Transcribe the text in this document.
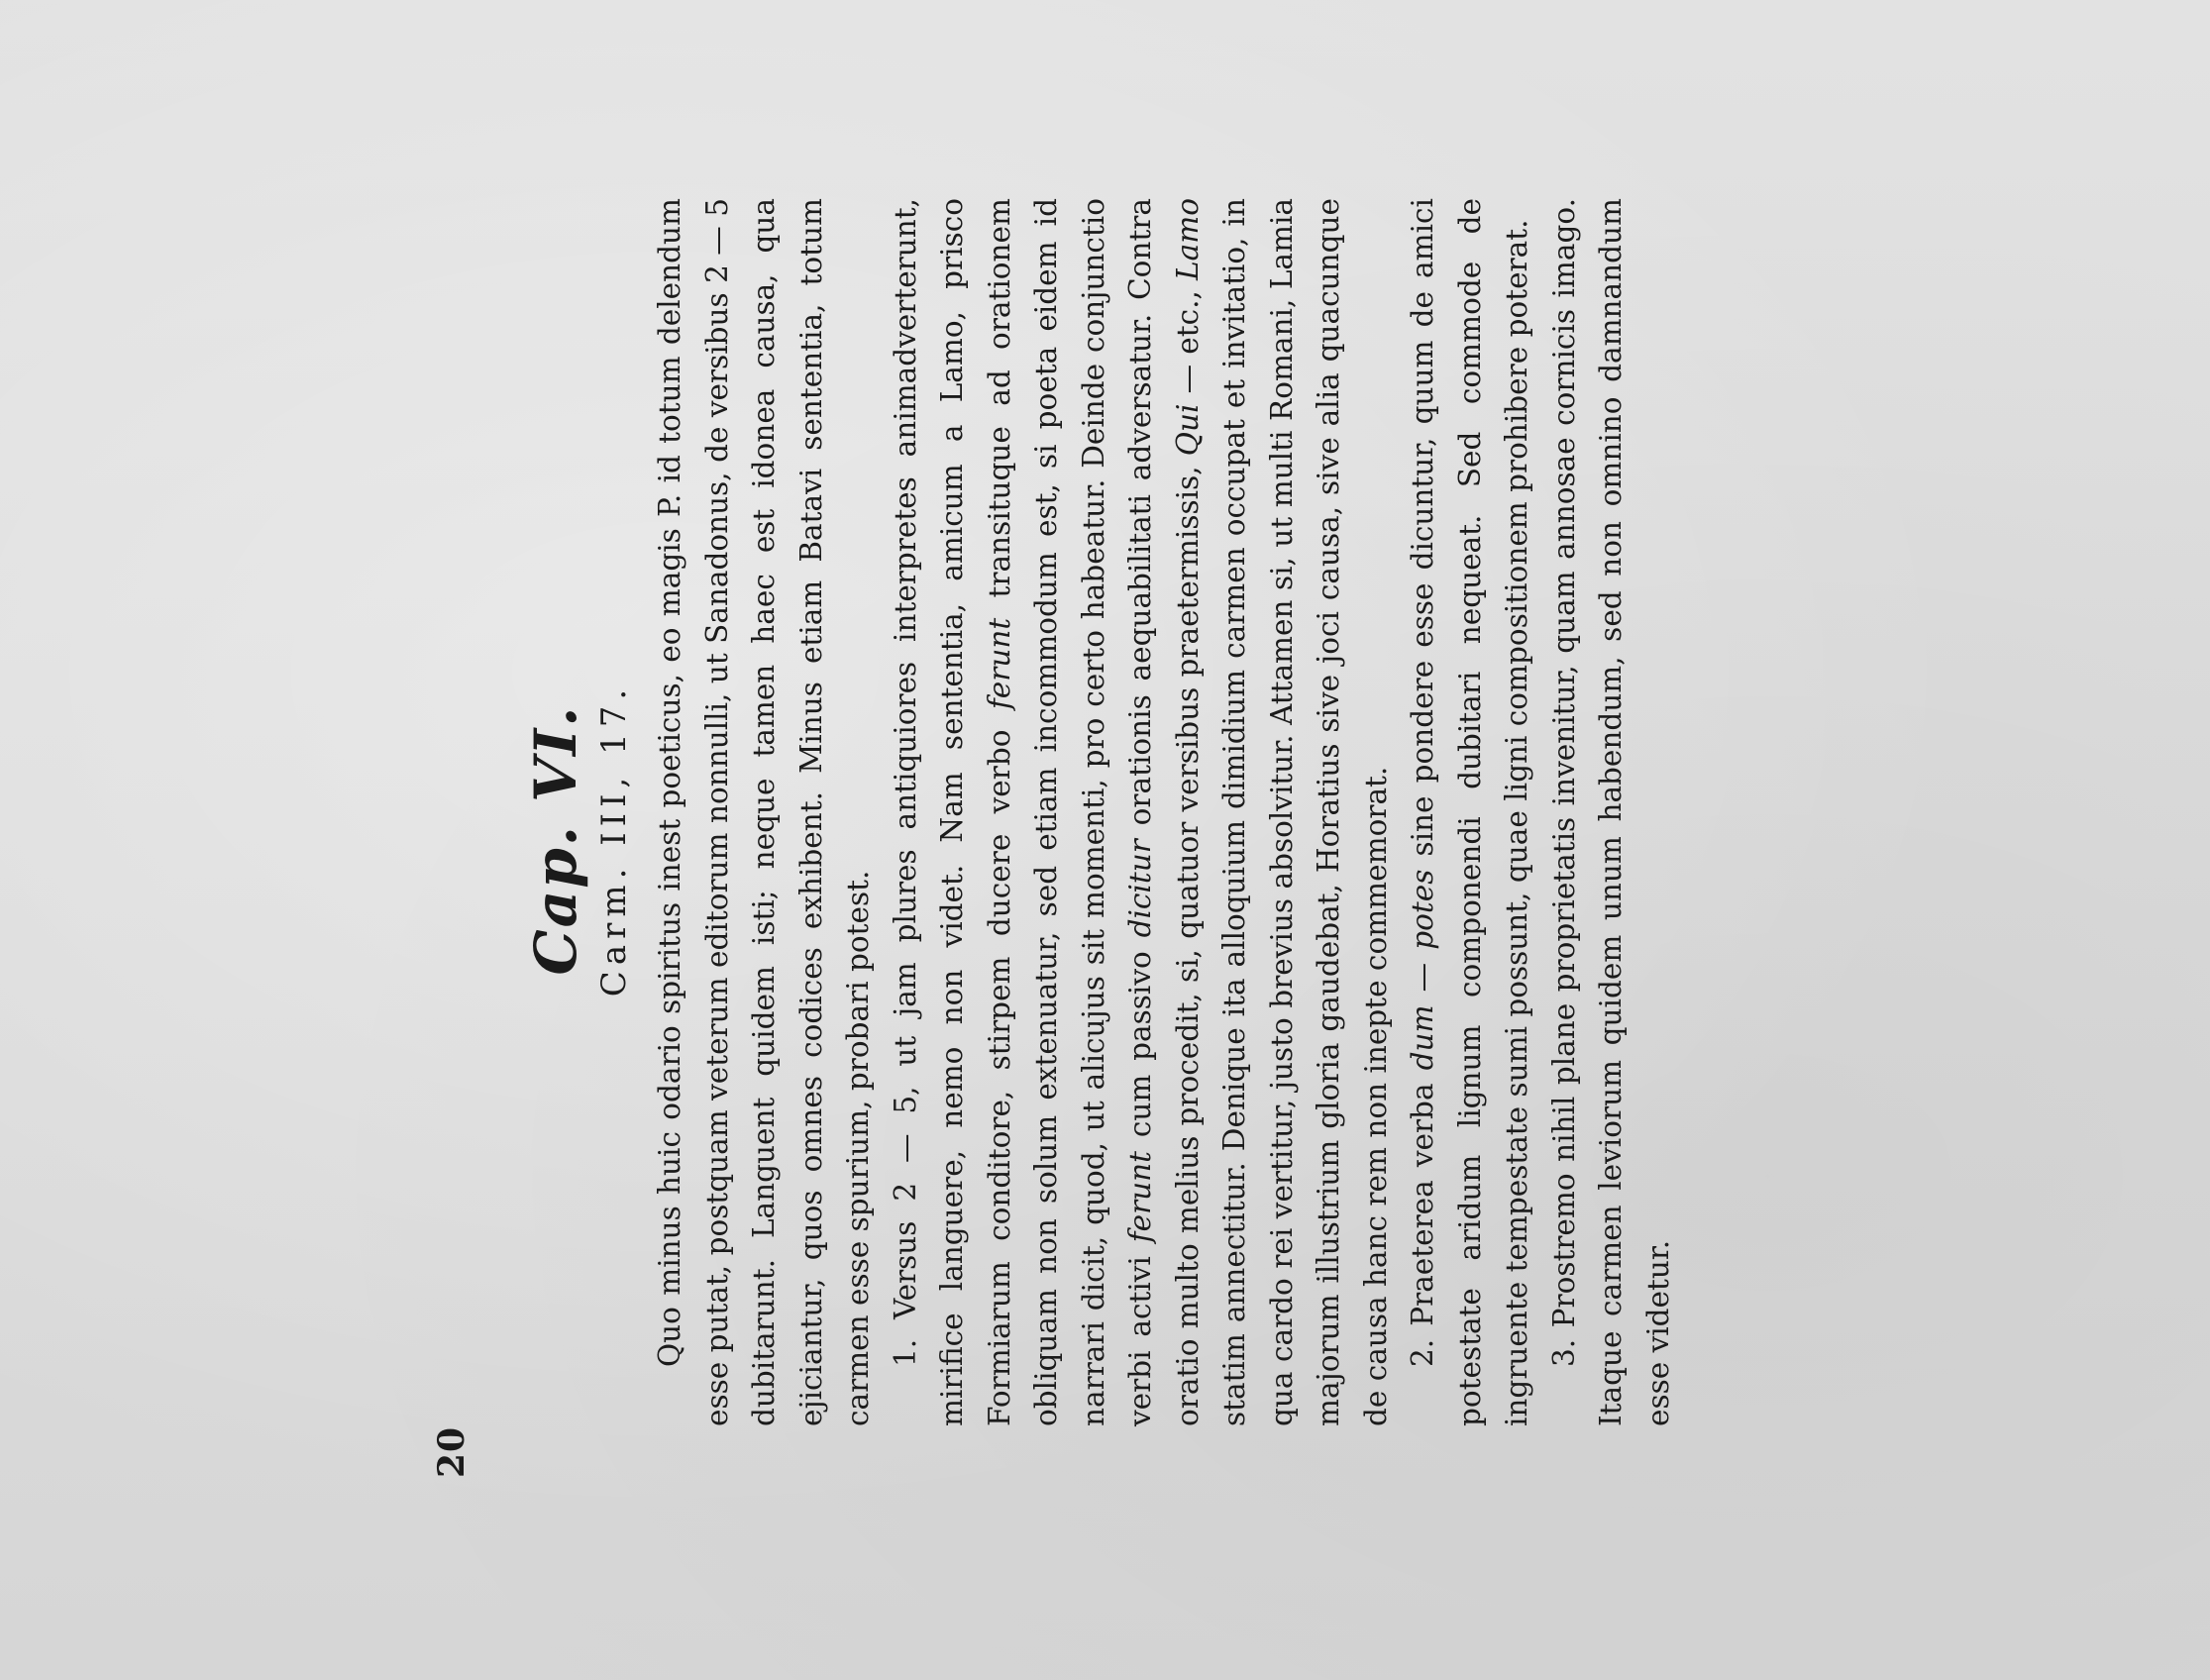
20
Cap. VI. Carm. III, 17. Quo minus huic odario spiritus inest poeticus, eo magis P. id totum delendum esse putat, postquam veterum editorum nonnulli, ut Sanadonus, de versibus 2 — 5 dubitarunt. Languent quidem isti; neque tamen haec est idonea causa, qua ejiciantur, quos omnes codices exhibent. Minus etiam Batavi sententia, totum carmen esse spurium, probari potest. 1. Versus 2 — 5, ut jam plures antiquiores interpretes animadverterunt, mirifice languere, nemo non videt. Nam sententia, amicum a Lamo, prisco Formiarum conditore, stirpem ducere verbo ferunt transituque ad orationem obliquam non solum extenuatur, sed etiam incommodum est, si poeta eidem id narrari dicit, quod, ut alicujus sit momenti, pro certo habeatur. Deinde conjunctio verbi activi ferunt cum passivo dicitur orationis aequabilitati adversatur. Contra oratio multo melius procedit, si, quatuor versibus praetermissis, Qui — etc., Lamo statim annectitur. Denique ita alloquium dimidium carmen occupat et invitatio, in qua cardo rei vertitur, justo brevius absolvitur. Attamen si, ut multi Romani, Lamia majorum illustrium gloria gaudebat, Horatius sive joci causa, sive alia quacunque de causa hanc rem non inepte commemorat. 2. Praeterea verba dum — potes sine pondere esse dicuntur, quum de amici potestate aridum lignum componendi dubitari nequeat. Sed commode de ingruente tempestate sumi possunt, quae ligni compositionem prohibere poterat. 3. Prostremo nihil plane proprietatis invenitur, quam annosae cornicis imago. Itaque carmen leviorum quidem unum habendum, sed non omnino damnandum esse videtur.
